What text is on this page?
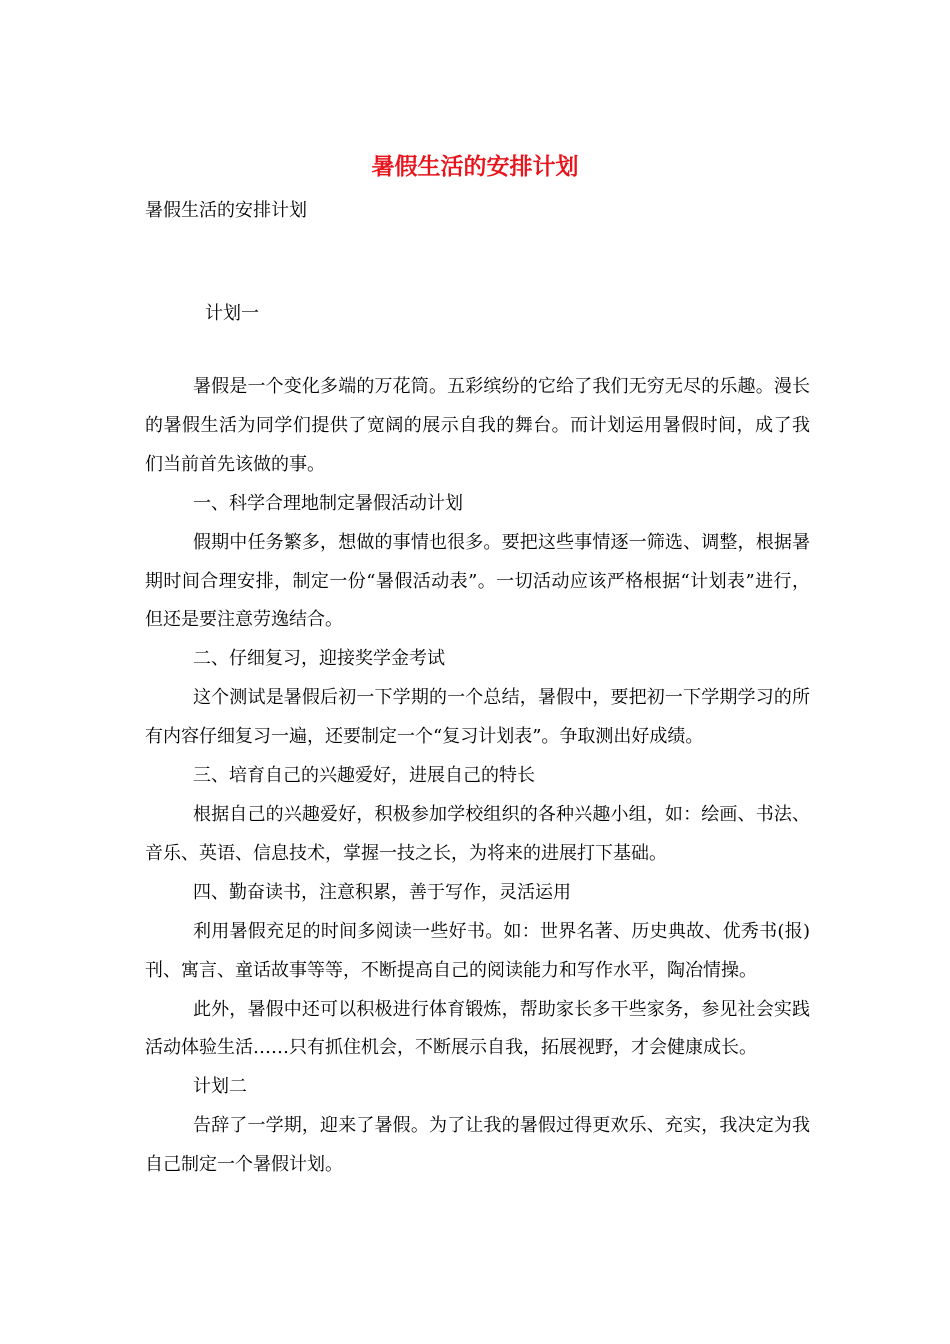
暑假生活的安排计划
暑假生活的安排计划
计划一

暑假是一个变化多端的万花筒。五彩缤纷的它给了我们无穷无尽的乐趣。漫长的暑假生活为同学们提供了宽阔的展示自我的舞台。而计划运用暑假时间，成了我们当前首先该做的事。

一、科学合理地制定暑假活动计划

假期中任务繁多，想做的事情也很多。要把这些事情逐一筛选、调整，根据暑期时间合理安排，制定一份“暑假活动表”。一切活动应该严格根据“计划表”进行，但还是要注意劳逸结合。

二、仔细复习，迎接奖学金考试

这个测试是暑假后初一下学期的一个总结，暑假中，要把初一下学期学习的所有内容仔细复习一遍，还要制定一个“复习计划表”。争取测出好成绩。

三、培育自己的兴趣爱好，进展自己的特长

根据自己的兴趣爱好，积极参加学校组织的各种兴趣小组，如：绘画、书法、音乐、英语、信息技术，掌握一技之长，为将来的进展打下基础。

四、勤奋读书，注意积累，善于写作，灵活运用

利用暑假充足的时间多阅读一些好书。如：世界名著、历史典故、优秀书(报)刊、寓言、童话故事等等，不断提高自己的阅读能力和写作水平，陶冶情操。

此外，暑假中还可以积极进行体育锻炼，帮助家长多干些家务，参见社会实践活动体验生活……只有抓住机会，不断展示自我，拓展视野，才会健康成长。

计划二

告辞了一学期，迎来了暑假。为了让我的暑假过得更欢乐、充实，我决定为我自己制定一个暑假计划。
